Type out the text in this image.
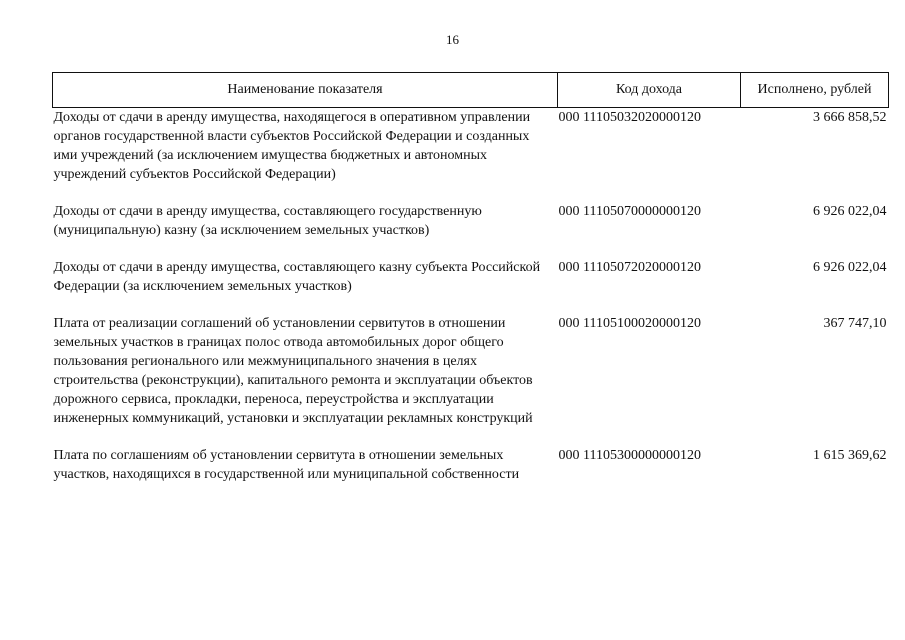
16
Наименование показателя	Код дохода	Исполнено, рублей
Доходы от сдачи в аренду имущества, находящегося в оперативном управлении органов государственной власти субъектов Российской Федерации и созданных ими учреждений (за исключением имущества бюджетных и автономных учреждений субъектов Российской Федерации)	000 11105032020000120	3 666 858,52
Доходы от сдачи в аренду имущества, составляющего государственную (муниципальную) казну (за исключением земельных участков)	000 11105070000000120	6 926 022,04
Доходы от сдачи в аренду имущества, составляющего казну субъекта Российской Федерации (за исключением земельных участков)	000 11105072020000120	6 926 022,04
Плата от реализации соглашений об установлении сервитутов в отношении земельных участков в границах полос отвода автомобильных дорог общего пользования регионального или межмуниципального значения в целях строительства (реконструкции), капитального ремонта и эксплуатации объектов дорожного сервиса, прокладки, переноса, переустройства и эксплуатации инженерных коммуникаций, установки и эксплуатации рекламных конструкций	000 11105100020000120	367 747,10
Плата по соглашениям об установлении сервитута в отношении земельных участков, находящихся в государственной или муниципальной собственности	000 11105300000000120	1 615 369,62
